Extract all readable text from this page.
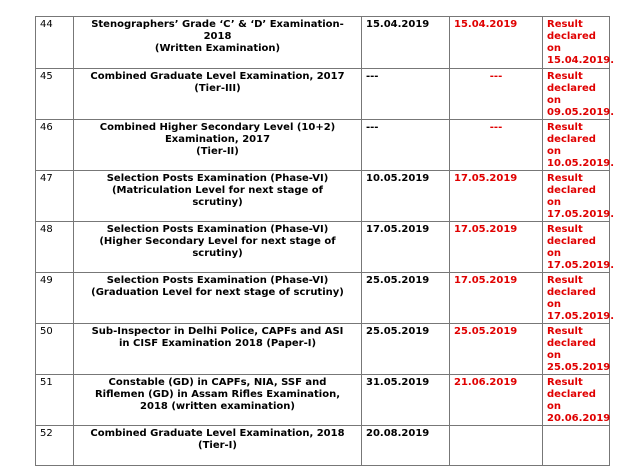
44	Stenographers’ Grade ‘C’ & ‘D’ Examination-
2018
(Written Examination)	15.04.2019	15.04.2019	Result
declared on
15.04.2019.
45	Combined Graduate Level Examination, 2017
(Tier-III)	---	---	Result
declared on
09.05.2019.
46	Combined Higher Secondary Level (10+2)
Examination, 2017
(Tier-II)	---	---	Result
declared on
10.05.2019.
47	Selection Posts Examination (Phase-VI)
(Matriculation Level for next stage of
scrutiny)	10.05.2019	17.05.2019	Result
declared on
17.05.2019.
48	Selection Posts Examination (Phase-VI)
(Higher Secondary Level for next stage of
scrutiny)	17.05.2019	17.05.2019	Result
declared on
17.05.2019.
49	Selection Posts Examination (Phase-VI)
(Graduation Level for next stage of scrutiny)	25.05.2019	17.05.2019	Result
declared on
17.05.2019.
50	Sub-Inspector in Delhi Police, CAPFs and ASI
in CISF Examination 2018 (Paper-I)	25.05.2019	25.05.2019	Result
declared on
25.05.2019
51	Constable (GD) in CAPFs, NIA, SSF and
Riflemen (GD) in Assam Rifles Examination,
2018 (written examination)	31.05.2019	21.06.2019	Result
declared on
20.06.2019
52	Combined Graduate Level Examination, 2018
(Tier-I)	20.08.2019		
